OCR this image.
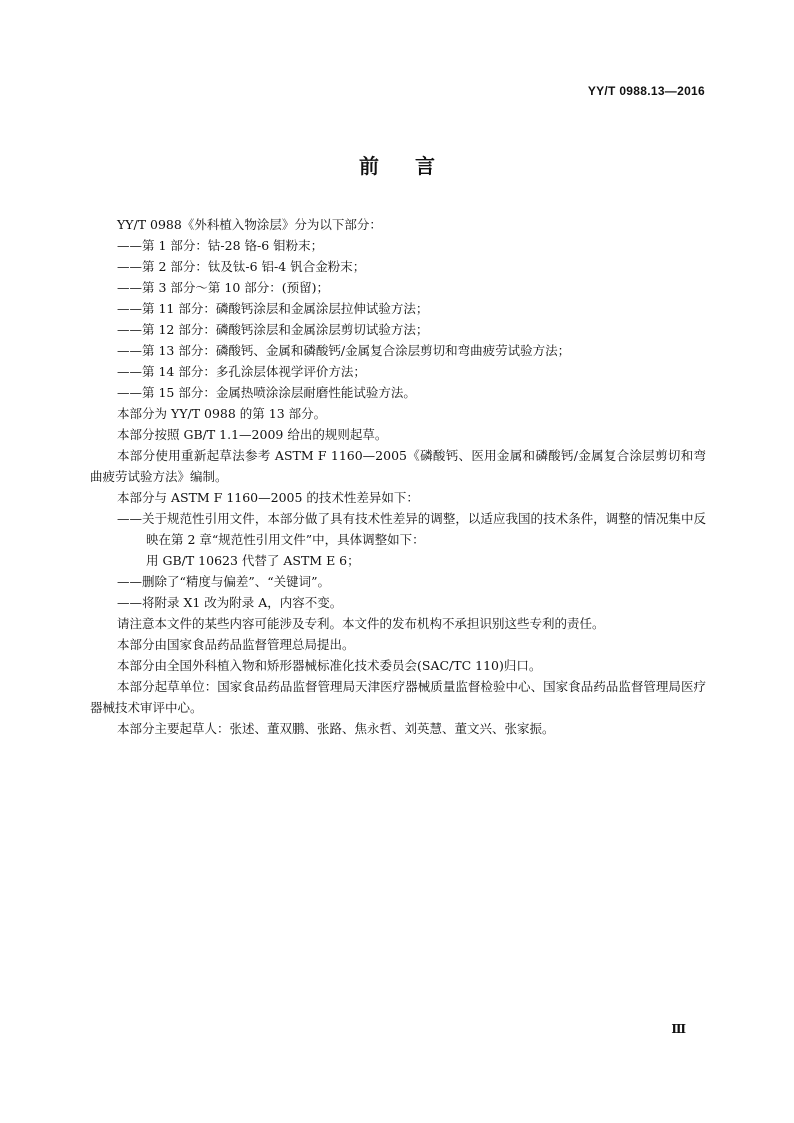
YY/T 0988.13—2016
前言

YY/T 0988《外科植入物涂层》分为以下部分：

——第 1 部分：钴-28 铬-6 钼粉末；

——第 2 部分：钛及钛-6 铝-4 钒合金粉末；

——第 3 部分～第 10 部分：(预留)；

——第 11 部分：磷酸钙涂层和金属涂层拉伸试验方法；

——第 12 部分：磷酸钙涂层和金属涂层剪切试验方法；

——第 13 部分：磷酸钙、金属和磷酸钙/金属复合涂层剪切和弯曲疲劳试验方法；

——第 14 部分：多孔涂层体视学评价方法；

——第 15 部分：金属热喷涂涂层耐磨性能试验方法。

本部分为 YY/T 0988 的第 13 部分。

本部分按照 GB/T 1.1—2009 给出的规则起草。

本部分使用重新起草法参考 ASTM F 1160—2005《磷酸钙、医用金属和磷酸钙/金属复合涂层剪切和弯曲疲劳试验方法》编制。

本部分与 ASTM F 1160—2005 的技术性差异如下：

——关于规范性引用文件，本部分做了具有技术性差异的调整，以适应我国的技术条件，调整的情况集中反映在第 2 章“规范性引用文件”中，具体调整如下：

用 GB/T 10623 代替了 ASTM E 6；

——删除了“精度与偏差”、“关键词”。

——将附录 X1 改为附录 A，内容不变。

请注意本文件的某些内容可能涉及专利。本文件的发布机构不承担识别这些专利的责任。

本部分由国家食品药品监督管理总局提出。

本部分由全国外科植入物和矫形器械标准化技术委员会(SAC/TC 110)归口。

本部分起草单位：国家食品药品监督管理局天津医疗器械质量监督检验中心、国家食品药品监督管理局医疗器械技术审评中心。

本部分主要起草人：张述、董双鹏、张路、焦永哲、刘英慧、董文兴、张家振。

Ⅲ
